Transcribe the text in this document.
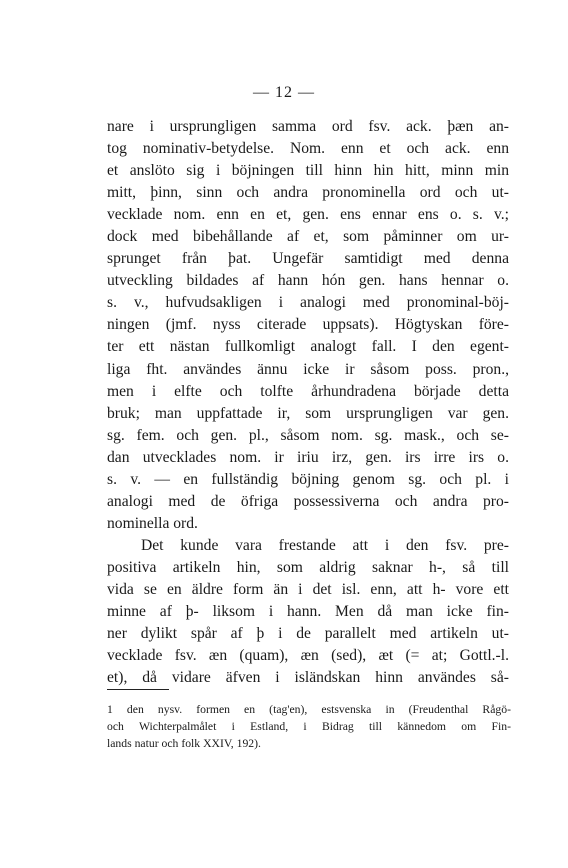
— 12 —
nare i ursprungligen samma ord fsv. ack. þæn an-
tog nominativ-betydelse. Nom. enn et och ack. enn
et anslöto sig i böjningen till hinn hin hitt, minn min
mitt, þinn, sinn och andra pronominella ord och ut-
vecklade nom. enn en et, gen. ens ennar ens o. s. v.;
dock med bibehållande af et, som påminner om ur-
sprunget från þat. Ungefär samtidigt med denna
utveckling bildades af hann hón gen. hans hennar o.
s. v., hufvudsakligen i analogi med pronominal-böj-
ningen (jmf. nyss citerade uppsats). Högtyskan före-
ter ett nästan fullkomligt analogt fall. I den egent-
liga fht. användes ännu icke ir såsom poss. pron.,
men i elfte och tolfte århundradena började detta
bruk; man uppfattade ir, som ursprungligen var gen.
sg. fem. och gen. pl., såsom nom. sg. mask., och se-
dan utvecklades nom. ir iriu irz, gen. irs irre irs o.
s. v. — en fullständig böjning genom sg. och pl. i
analogi med de öfriga possessiverna och andra pro-
nominella ord.
Det kunde vara frestande att i den fsv. pre-
positiva artikeln hin, som aldrig saknar h-, så till
vida se en äldre form än i det isl. enn, att h- vore ett
minne af þ- liksom i hann. Men då man icke fin-
ner dylikt spår af þ i de parallelt med artikeln ut-
vecklade fsv. æn (quam), æn (sed), æt (= at; Gottl.-l.
et), då vidare äfven i isländskan hinn användes så-
1 den nysv. formen en (tag'en), estsvenska in (Freudenthal Rågö-
och Wichterpalmålet i Estland, i Bidrag till kännedom om Fin-
lands natur och folk XXIV, 192).
